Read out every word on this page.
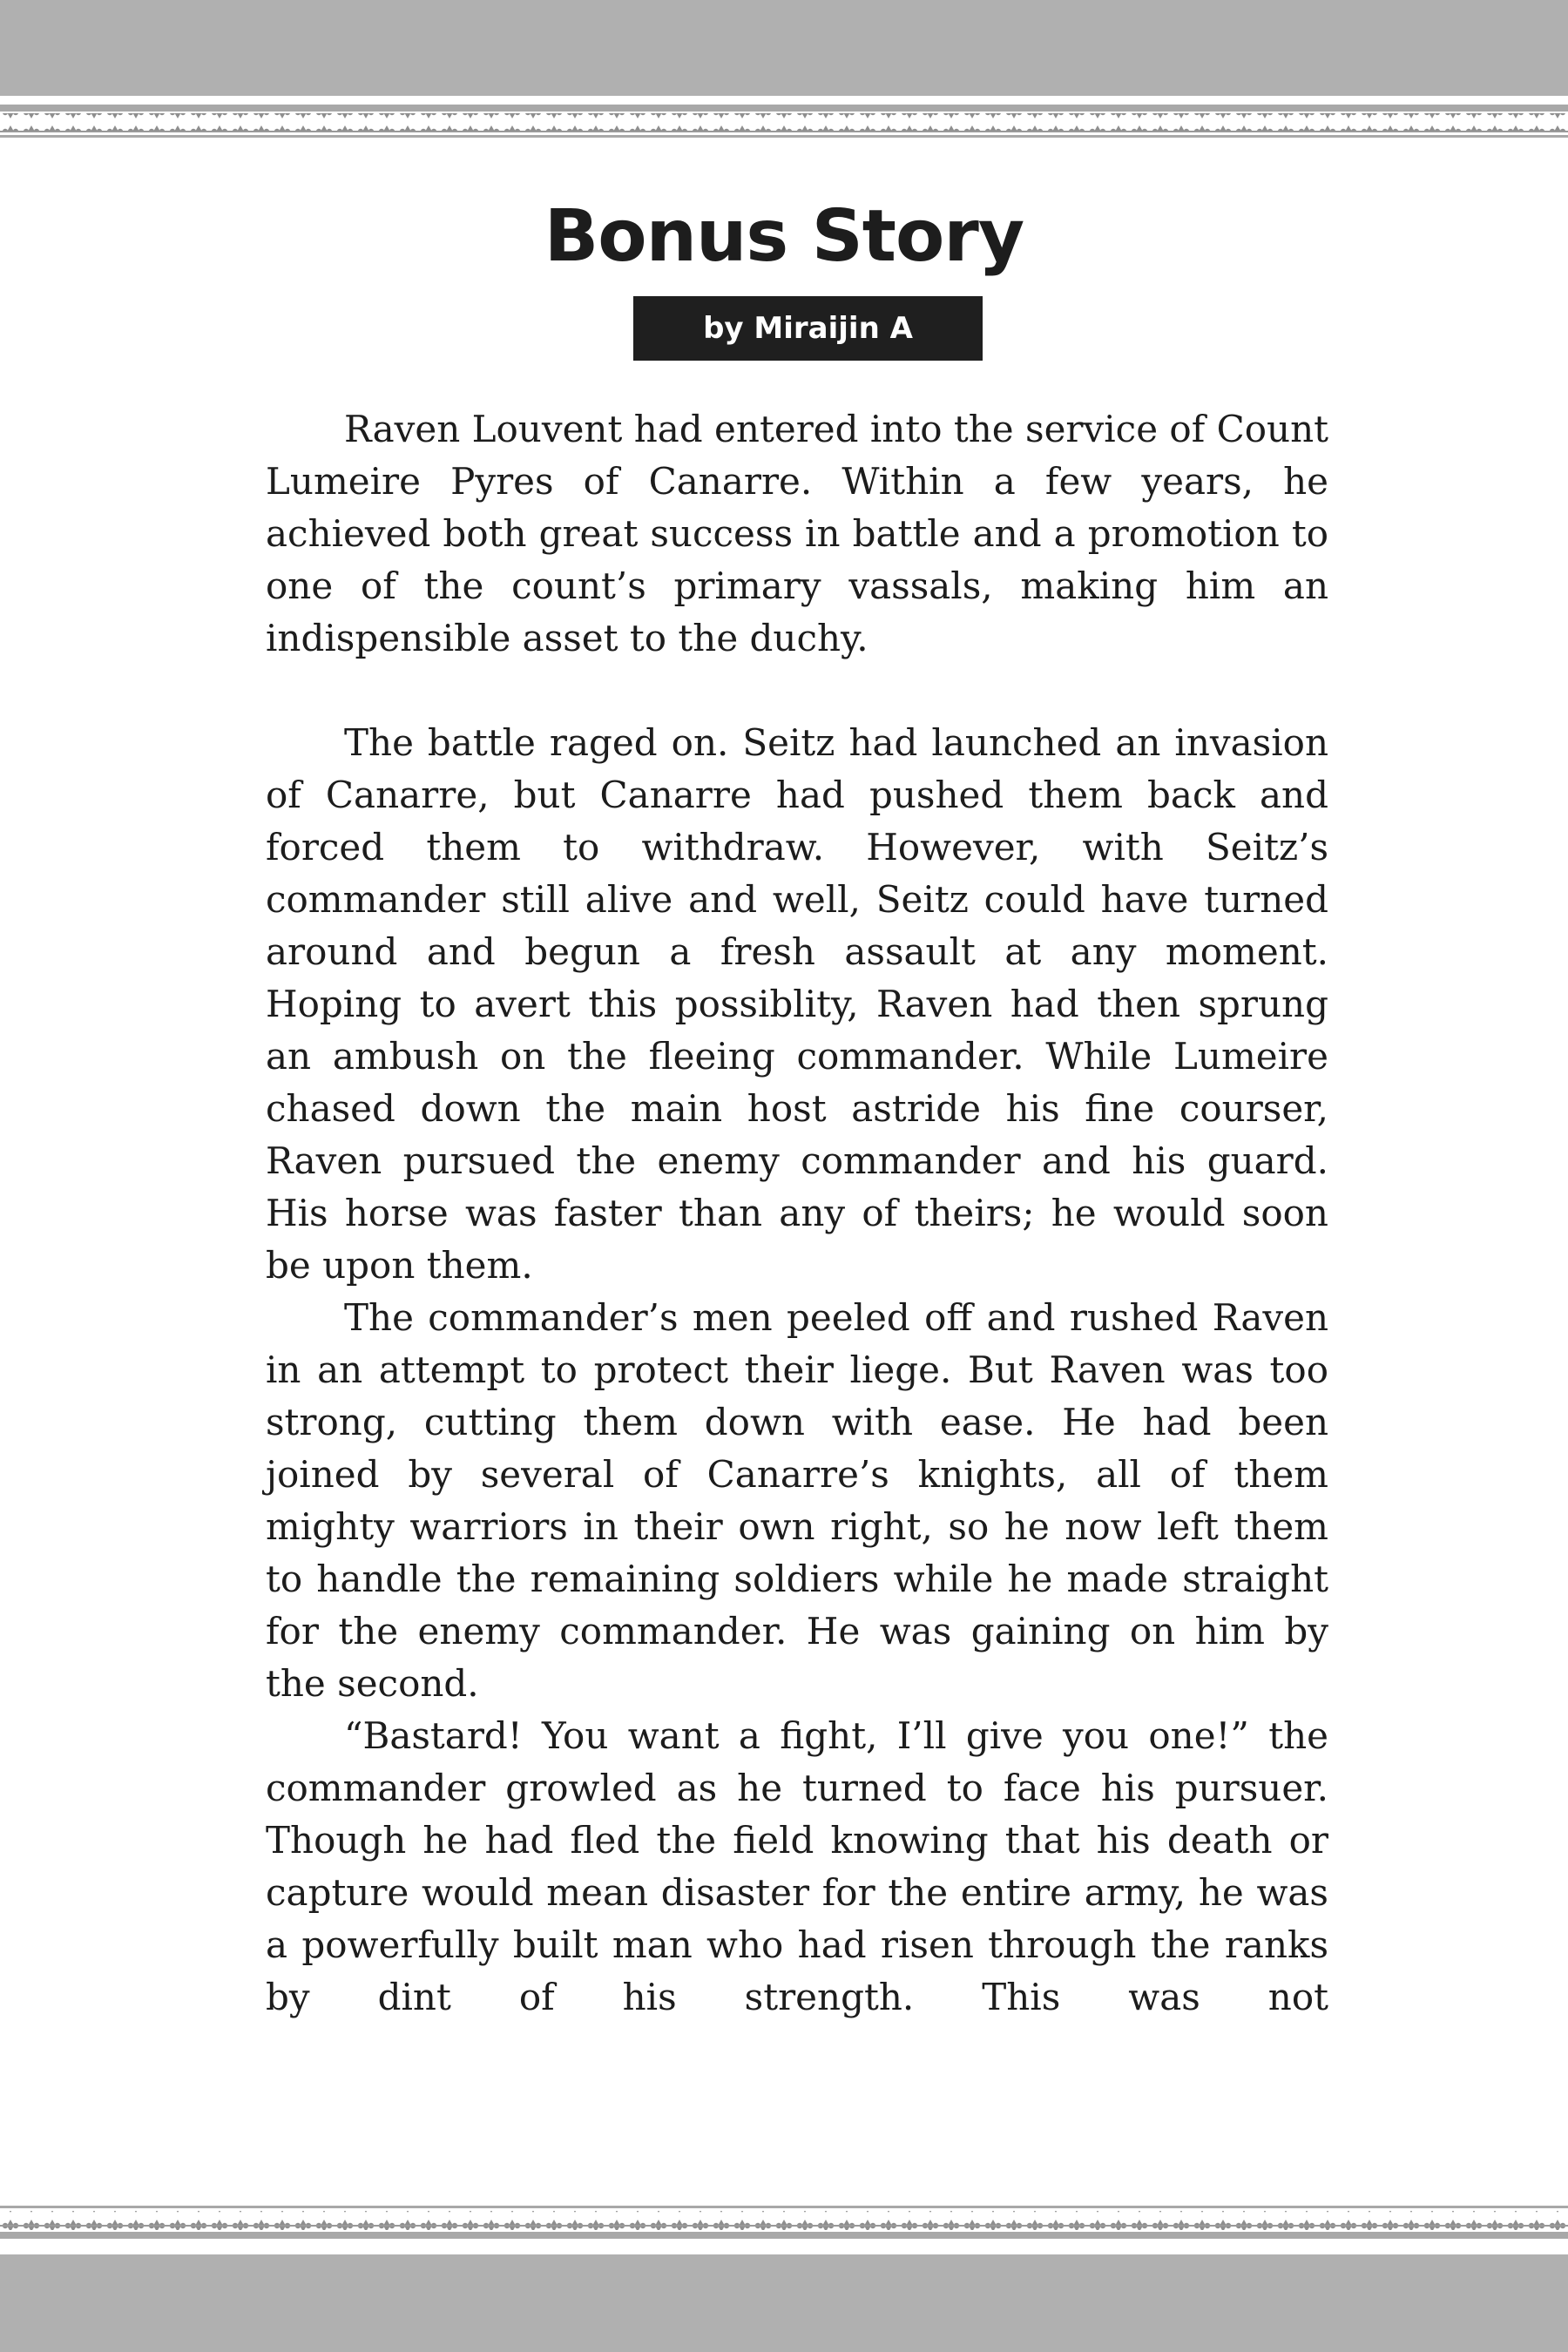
Bonus Story
by Miraijin A

Raven Louvent had entered into the service of Count Lumeire Pyres of Canarre. Within a few years, he achieved both great success in battle and a promotion to one of the count’s primary vassals, making him an indispensible asset to the duchy.

The battle raged on. Seitz had launched an invasion of Canarre, but Canarre had pushed them back and forced them to withdraw. However, with Seitz’s commander still alive and well, Seitz could have turned around and begun a fresh assault at any moment. Hoping to avert this possiblity, Raven had then sprung an ambush on the fleeing commander. While Lumeire chased down the main host astride his fine courser, Raven pursued the enemy commander and his guard. His horse was faster than any of theirs; he would soon be upon them.

The commander’s men peeled off and rushed Raven in an attempt to protect their liege. But Raven was too strong, cutting them down with ease. He had been joined by several of Canarre’s knights, all of them mighty warriors in their own right, so he now left them to handle the remaining soldiers while he made straight for the enemy commander. He was gaining on him by the second.

“Bastard! You want a fight, I’ll give you one!” the commander growled as he turned to face his pursuer. Though he had fled the field knowing that his death or capture would mean disaster for the entire army, he was a powerfully built man who had risen through the ranks by dint of his strength. This was not
